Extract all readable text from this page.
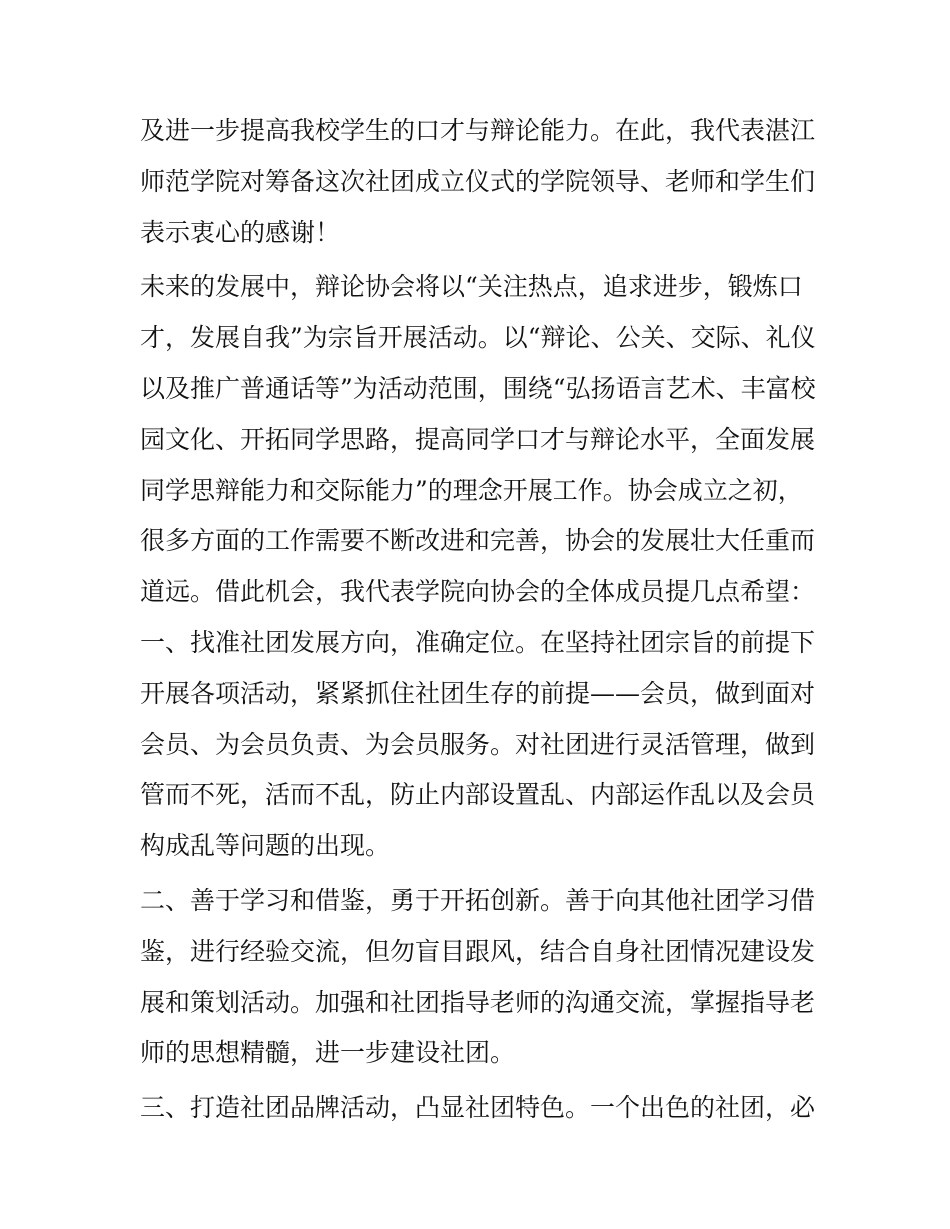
及进一步提高我校学生的口才与辩论能力。在此，我代表湛江
师范学院对筹备这次社团成立仪式的学院领导、老师和学生们
表示衷心的感谢！
未来的发展中，辩论协会将以“关注热点，追求进步，锻炼口
才，发展自我”为宗旨开展活动。以“辩论、公关、交际、礼仪
以及推广普通话等”为活动范围，围绕“弘扬语言艺术、丰富校
园文化、开拓同学思路，提高同学口才与辩论水平，全面发展
同学思辩能力和交际能力”的理念开展工作。协会成立之初，
很多方面的工作需要不断改进和完善，协会的发展壮大任重而
道远。借此机会，我代表学院向协会的全体成员提几点希望：
一、找准社团发展方向，准确定位。在坚持社团宗旨的前提下
开展各项活动，紧紧抓住社团生存的前提——会员，做到面对
会员、为会员负责、为会员服务。对社团进行灵活管理，做到
管而不死，活而不乱，防止内部设置乱、内部运作乱以及会员
构成乱等问题的出现。
二、善于学习和借鉴，勇于开拓创新。善于向其他社团学习借
鉴，进行经验交流，但勿盲目跟风，结合自身社团情况建设发
展和策划活动。加强和社团指导老师的沟通交流，掌握指导老
师的思想精髓，进一步建设社团。
三、打造社团品牌活动，凸显社团特色。一个出色的社团，必
